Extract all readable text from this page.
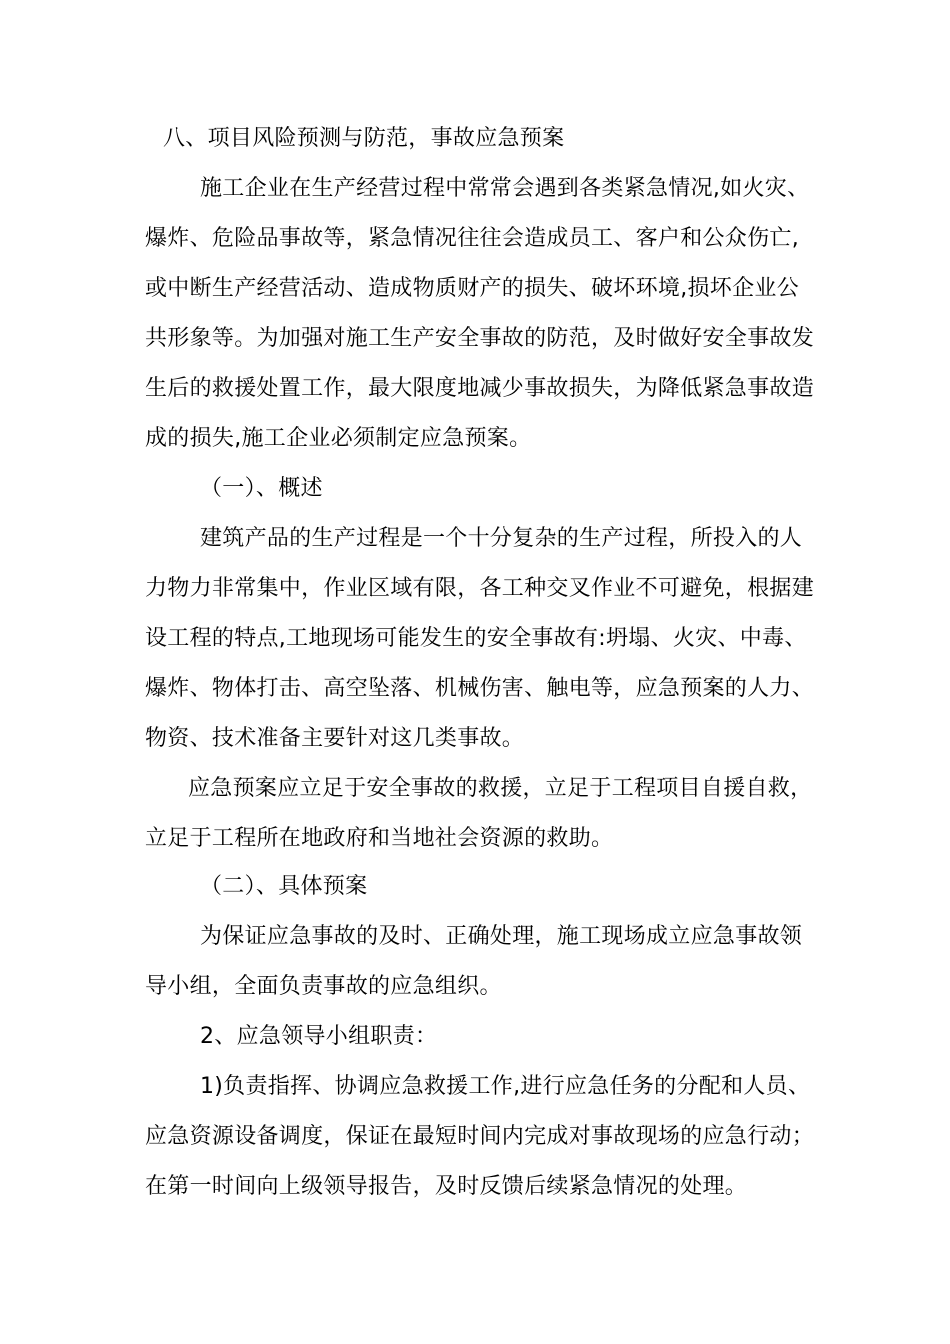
八、项目风险预测与防范，事故应急预案
施工企业在生产经营过程中常常会遇到各类紧急情况,如火灾、
爆炸、危险品事故等，紧急情况往往会造成员工、客户和公众伤亡,
或中断生产经营活动、造成物质财产的损失、破坏环境,损坏企业公
共形象等。为加强对施工生产安全事故的防范，及时做好安全事故发
生后的救援处置工作，最大限度地减少事故损失，为降低紧急事故造
成的损失,施工企业必须制定应急预案。
（一）、概述
建筑产品的生产过程是一个十分复杂的生产过程，所投入的人
力物力非常集中，作业区域有限，各工种交叉作业不可避免，根据建
设工程的特点,工地现场可能发生的安全事故有:坍塌、火灾、中毒、
爆炸、物体打击、高空坠落、机械伤害、触电等，应急预案的人力、
物资、技术准备主要针对这几类事故。
应急预案应立足于安全事故的救援，立足于工程项目自援自救，
立足于工程所在地政府和当地社会资源的救助。
（二）、具体预案
为保证应急事故的及时、正确处理，施工现场成立应急事故领
导小组，全面负责事故的应急组织。
2、应急领导小组职责：
1)负责指挥、协调应急救援工作,进行应急任务的分配和人员、
应急资源设备调度，保证在最短时间内完成对事故现场的应急行动；
在第一时间向上级领导报告，及时反馈后续紧急情况的处理。
